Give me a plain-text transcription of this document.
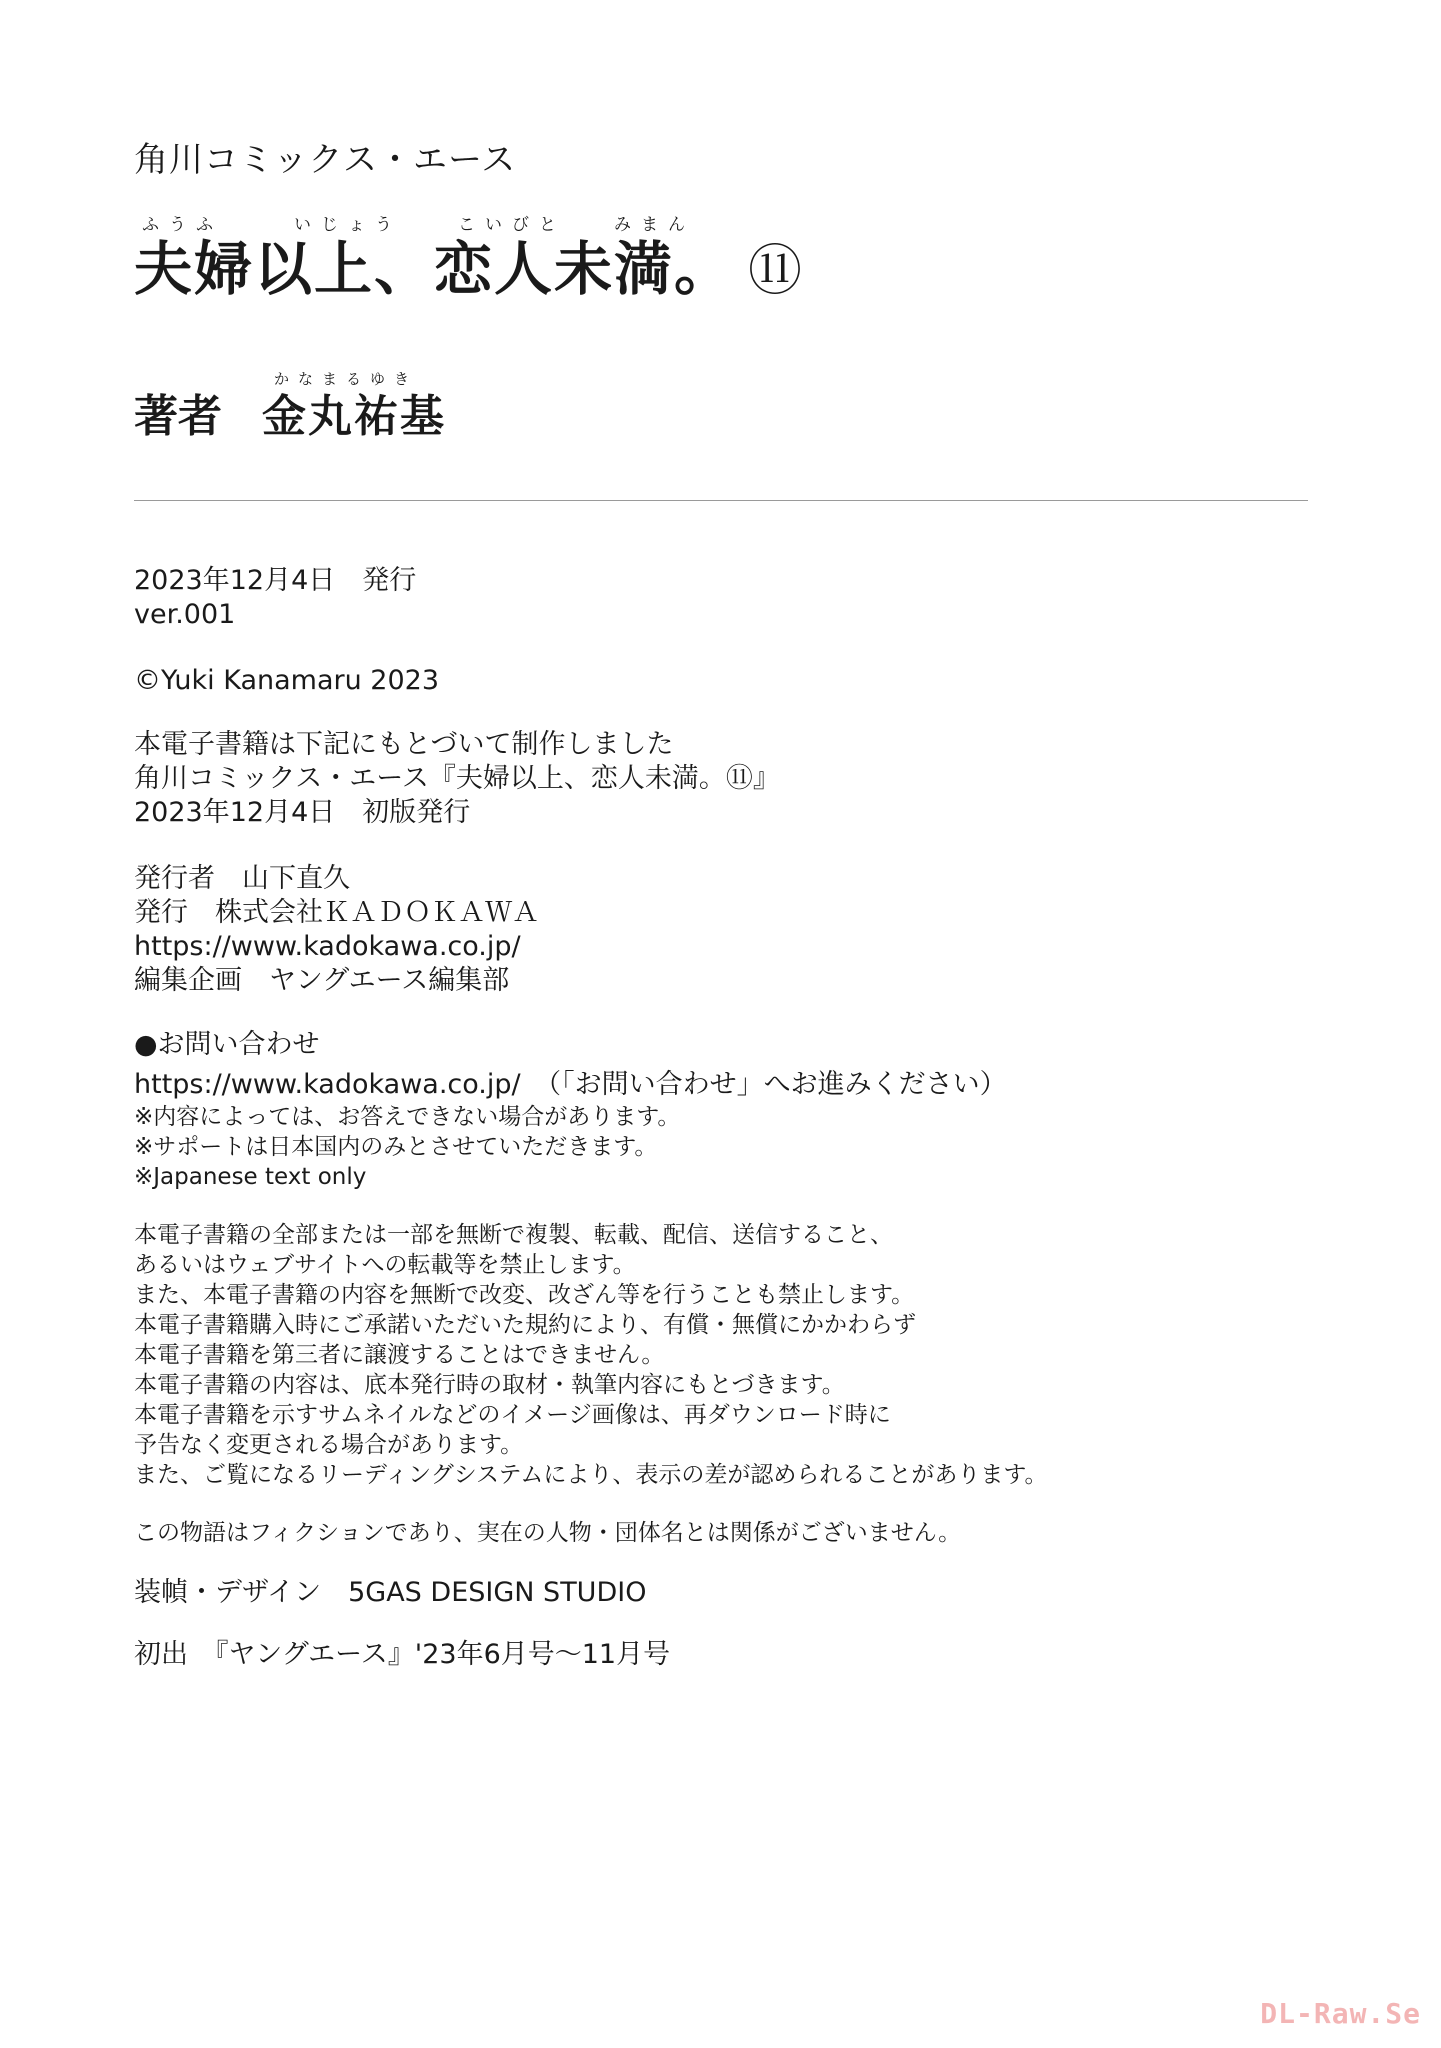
角川コミックス・エース
ふうふ	いじょう	こいびと	みまん
夫婦以上、恋人未満。 ⑪
かなまるゆき
著者 金丸祐基
2023年12月4日　発行
ver.001
©Yuki Kanamaru 2023
本電子書籍は下記にもとづいて制作しました
角川コミックス・エース『夫婦以上、恋人未満。⑪』
2023年12月4日　初版発行
発行者　山下直久
発行　株式会社ＫＡＤＯＫＡＷＡ
https://www.kadokawa.co.jp/
編集企画　ヤングエース編集部
●お問い合わせ
https://www.kadokawa.co.jp/　（「お問い合わせ」へお進みください）
※内容によっては、お答えできない場合があります。
※サポートは日本国内のみとさせていただきます。
※Japanese text only
本電子書籍の全部または一部を無断で複製、転載、配信、送信すること、
あるいはウェブサイトへの転載等を禁止します。
また、本電子書籍の内容を無断で改変、改ざん等を行うことも禁止します。
本電子書籍購入時にご承諾いただいた規約により、有償・無償にかかわらず
本電子書籍を第三者に譲渡することはできません。
本電子書籍の内容は、底本発行時の取材・執筆内容にもとづきます。
本電子書籍を示すサムネイルなどのイメージ画像は、再ダウンロード時に
予告なく変更される場合があります。
また、ご覧になるリーディングシステムにより、表示の差が認められることがあります。
この物語はフィクションであり、実在の人物・団体名とは関係がございません。
装幀・デザイン　5GAS DESIGN STUDIO
初出　『ヤングエース』'23年6月号～11月号
DL-Raw.Se
